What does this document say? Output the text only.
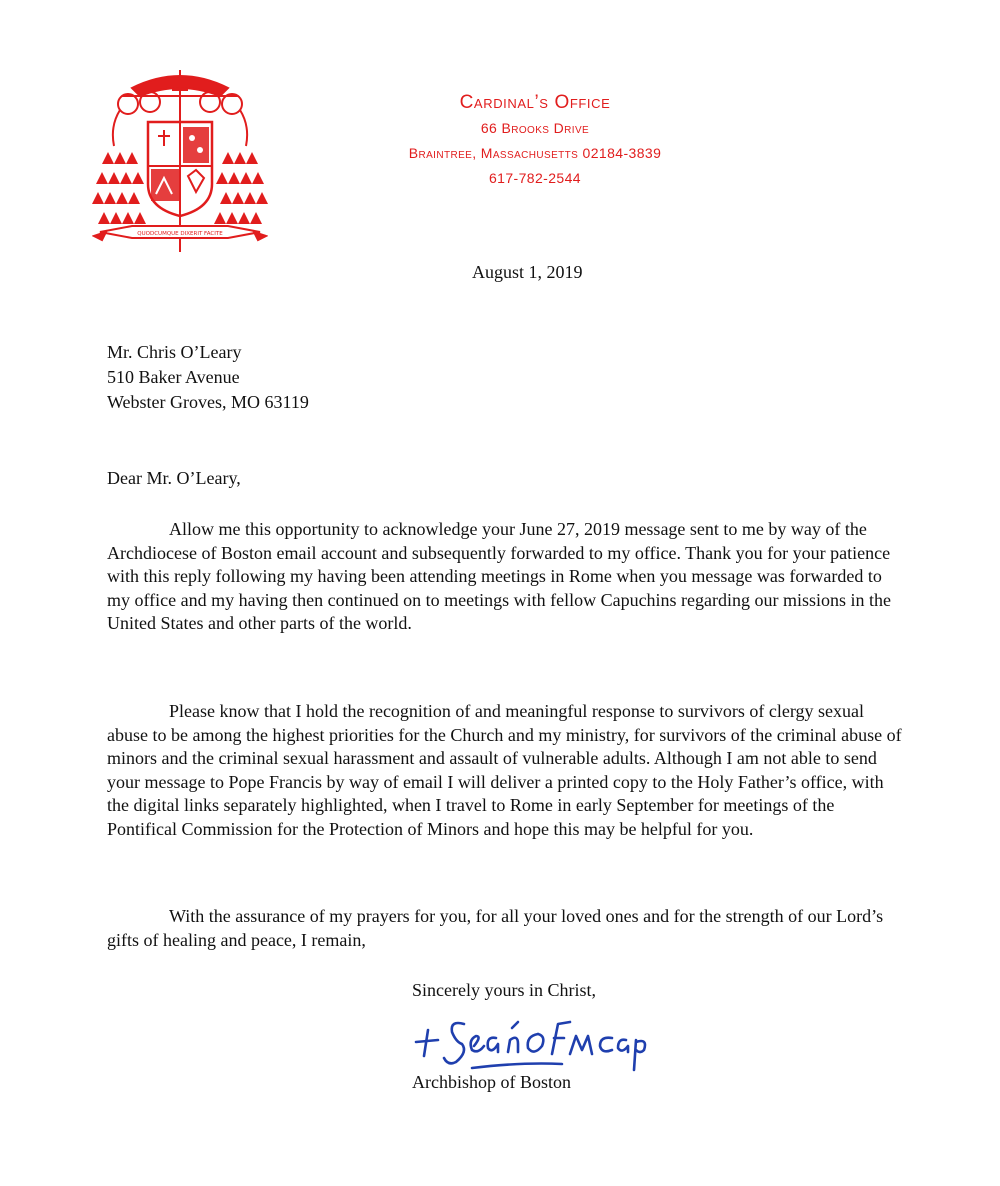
QUODCUMQUE DIXERIT FACITE
Cardinal’s Office
66 Brooks Drive
Braintree, Massachusetts 02184-3839
617-782-2544
August 1, 2019
Mr. Chris O’Leary
510 Baker Avenue
Webster Groves, MO 63119
Dear Mr. O’Leary,

Allow me this opportunity to acknowledge your June 27, 2019 message sent to me by way of the Archdiocese of Boston email account and subsequently forwarded to my office. Thank you for your patience with this reply following my having been attending meetings in Rome when you message was forwarded to my office and my having then continued on to meetings with fellow Capuchins regarding our missions in the United States and other parts of the world.

Please know that I hold the recognition of and meaningful response to survivors of clergy sexual abuse to be among the highest priorities for the Church and my ministry, for survivors of the criminal abuse of minors and the criminal sexual harassment and assault of vulnerable adults. Although I am not able to send your message to Pope Francis by way of email I will deliver a printed copy to the Holy Father’s office, with the digital links separately highlighted, when I travel to Rome in early September for meetings of the Pontifical Commission for the Protection of Minors and hope this may be helpful for you.

With the assurance of my prayers for you, for all your loved ones and for the strength of our Lord’s gifts of healing and peace, I remain,

Sincerely yours in Christ,
Archbishop of Boston
